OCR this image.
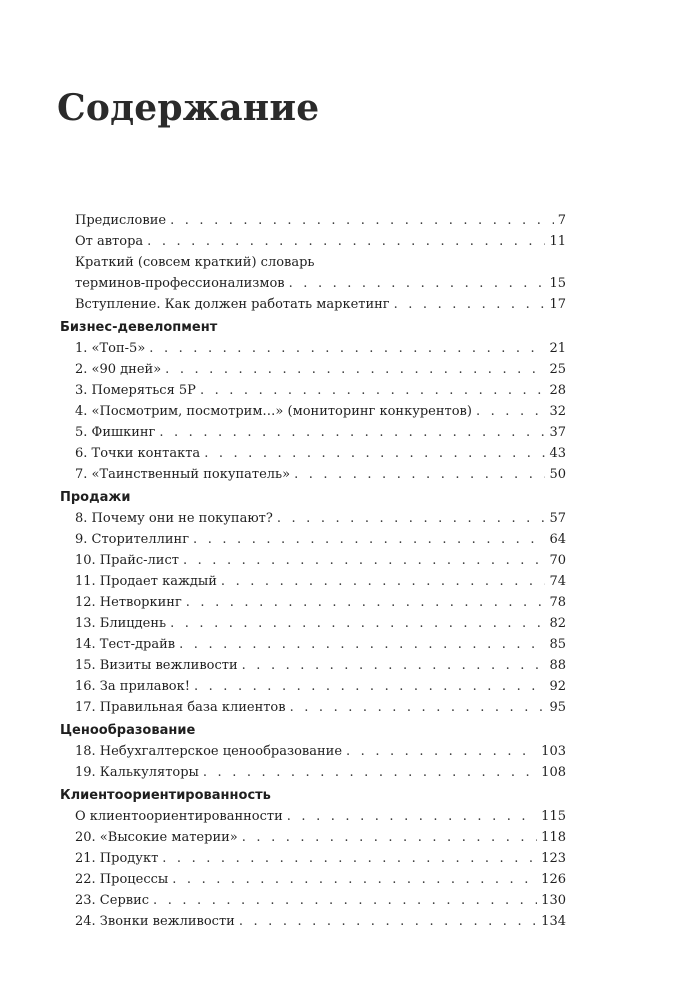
Содержание
Предисловие . . .	7
От автора . . .	11
Краткий (совсем краткий) словарь
терминов-профессионализмов . . .	15
Вступление. Как должен работать маркетинг . . .	17
Бизнес-девелопмент
1. «Топ-5» . . .	21
2. «90 дней» . . .	25
3. Померяться 5P . . .	28
4. «Посмотрим, посмотрим…» (мониторинг конкурентов) . . .	32
5. Фишкинг . . .	37
6. Точки контакта . . .	43
7. «Таинственный покупатель» . . .	50
Продажи
8. Почему они не покупают? . . .	57
9. Сторителлинг . . .	64
10. Прайс-лист . . .	70
11. Продает каждый . . .	74
12. Нетворкинг . . .	78
13. Блицдень . . .	82
14. Тест-драйв . . .	85
15. Визиты вежливости . . .	88
16. За прилавок! . . .	92
17. Правильная база клиентов . . .	95
Ценообразование
18. Небухгалтерское ценообразование . . .	103
19. Калькуляторы . . .	108
Клиентоориентированность
О клиентоориентированности . . .	115
20. «Высокие материи» . . .	118
21. Продукт . . .	123
22. Процессы . . .	126
23. Сервис . . .	130
24. Звонки вежливости . . .	134
